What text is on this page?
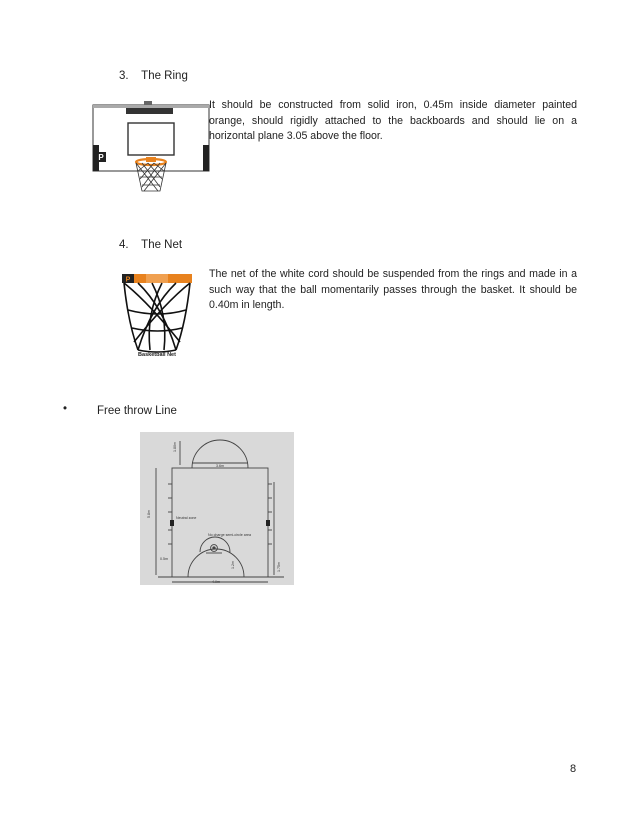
3. The Ring
P
It should be constructed from solid iron, 0.45m inside diameter painted orange, should rigidly attached to the backboards and should lie on a horizontal plane 3.05 above the floor.
4. The Net
P
Basketball Net
The net of the white cord should be suspended from the rings and made in a such way that the ball momentarily passes through the basket. It should be 0.40m in length.
•	Free throw Line
3.6m
4.9m
5.8m
1.80m
Neutral zone
No charge semi-circle area
0.5m
1.2m	1.75m
8
